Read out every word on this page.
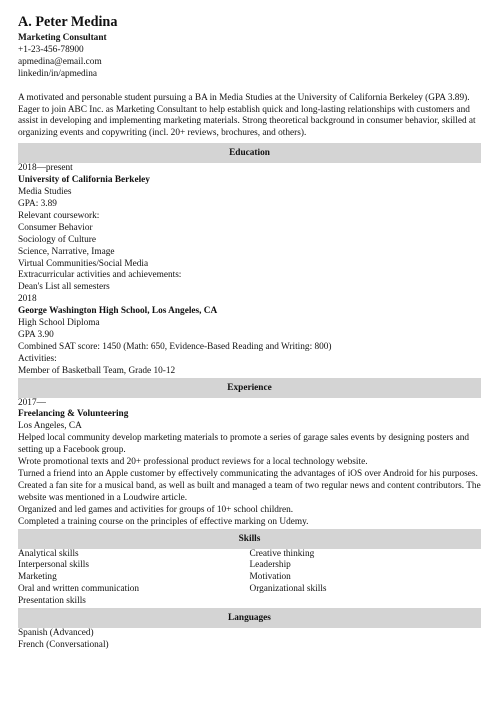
A. Peter Medina
Marketing Consultant
+1-23-456-78900
apmedina@email.com
linkedin/in/apmedina
A motivated and personable student pursuing a BA in Media Studies at the University of California Berkeley (GPA 3.89). Eager to join ABC Inc. as Marketing Consultant to help establish quick and long-lasting relationships with customers and assist in developing and implementing marketing materials. Strong theoretical background in consumer behavior, skilled at organizing events and copywriting (incl. 20+ reviews, brochures, and others).
Education
2018—present
University of California Berkeley
Media Studies
GPA: 3.89
Relevant coursework:
Consumer Behavior
Sociology of Culture
Science, Narrative, Image
Virtual Communities/Social Media
Extracurricular activities and achievements:
Dean's List all semesters
2018
George Washington High School, Los Angeles, CA
High School Diploma
GPA 3.90
Combined SAT score: 1450 (Math: 650, Evidence-Based Reading and Writing: 800)
Activities:
Member of Basketball Team, Grade 10-12
Experience
2017—
Freelancing & Volunteering
Los Angeles, CA
Helped local community develop marketing materials to promote a series of garage sales events by designing posters and setting up a Facebook group.
Wrote promotional texts and 20+ professional product reviews for a local technology website.
Turned a friend into an Apple customer by effectively communicating the advantages of iOS over Android for his purposes.
Created a fan site for a musical band, as well as built and managed a team of two regular news and content contributors. The website was mentioned in a Loudwire article.
Organized and led games and activities for groups of 10+ school children.
Completed a training course on the principles of effective marking on Udemy.
Skills
Analytical skills
Interpersonal skills
Marketing
Oral and written communication
Presentation skills
Creative thinking
Leadership
Motivation
Organizational skills
Languages
Spanish (Advanced)
French (Conversational)
